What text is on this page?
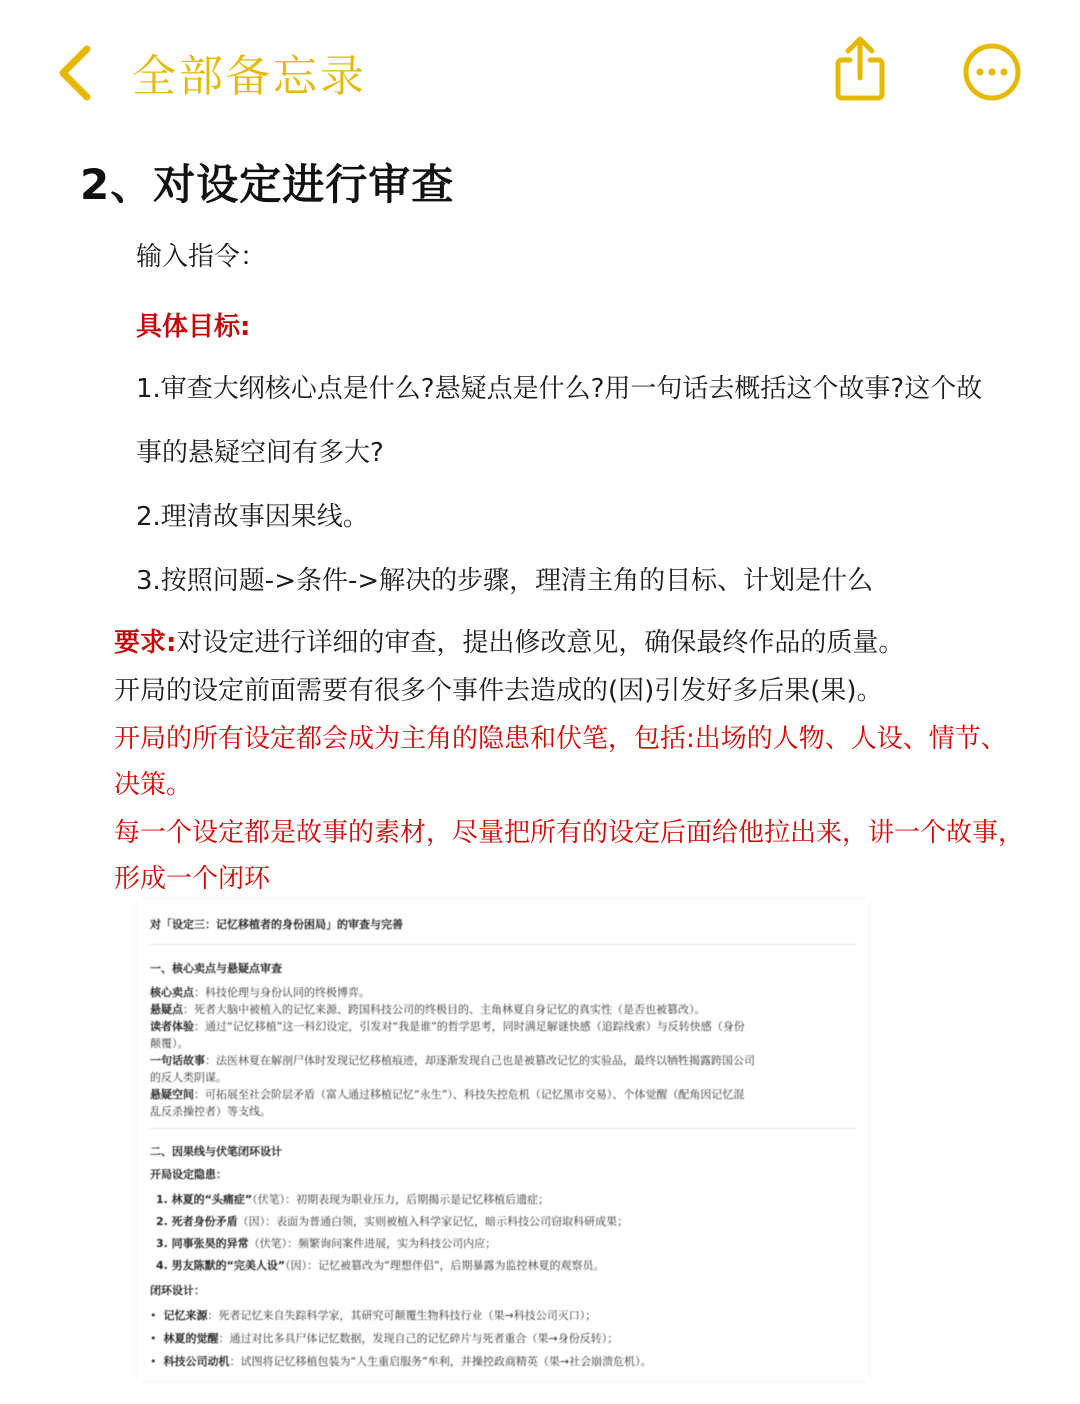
全部备忘录
2、对设定进行审查
输入指令：
具体目标:
1.审查大纲核心点是什么?悬疑点是什么?用一句话去概括这个故事?这个故
事的悬疑空间有多大?
2.理清故事因果线。
3.按照问题->条件->解决的步骤，理清主角的目标、计划是什么
要求:对设定进行详细的审查，提出修改意见，确保最终作品的质量。
开局的设定前面需要有很多个事件去造成的(因)引发好多后果(果)。
开局的所有设定都会成为主角的隐患和伏笔，包括:出场的人物、人设、情节、
决策。
每一个设定都是故事的素材，尽量把所有的设定后面给他拉出来，讲一个故事，
形成一个闭环
对「设定三：记忆移植者的身份困局」的审查与完善
一、核心卖点与悬疑点审查
核心卖点：科技伦理与身份认同的终极博弈。
悬疑点：死者大脑中被植入的记忆来源、跨国科技公司的终极目的、主角林夏自身记忆的真实性（是否也被篡改）。
读者体验：通过“记忆移植”这一科幻设定，引发对“我是谁”的哲学思考，同时满足解谜快感（追踪线索）与反转快感（身份
颠覆）。
一句话故事：法医林夏在解剖尸体时发现记忆移植痕迹，却逐渐发现自己也是被篡改记忆的实验品，最终以牺牲揭露跨国公司
的反人类阴谋。
悬疑空间：可拓展至社会阶层矛盾（富人通过移植记忆“永生”）、科技失控危机（记忆黑市交易）、个体觉醒（配角因记忆混
乱反杀操控者）等支线。
二、因果线与伏笔闭环设计
开局设定隐患：
1. 林夏的“头痛症”（伏笔）：初期表现为职业压力，后期揭示是记忆移植后遗症；
2. 死者身份矛盾（因）：表面为普通白领，实则被植入科学家记忆，暗示科技公司窃取科研成果；
3. 同事张昊的异常（伏笔）：频繁询问案件进展，实为科技公司内应；
4. 男友陈默的“完美人设”（因）：记忆被篡改为“理想伴侣”，后期暴露为监控林夏的观察员。
闭环设计：
•  记忆来源：死者记忆来自失踪科学家，其研究可颠覆生物科技行业（果→科技公司灭口）；
•  林夏的觉醒：通过对比多具尸体记忆数据，发现自己的记忆碎片与死者重合（果→身份反转）；
•  科技公司动机：试图将记忆移植包装为“人生重启服务”牟利，并操控政商精英（果→社会崩溃危机）。
